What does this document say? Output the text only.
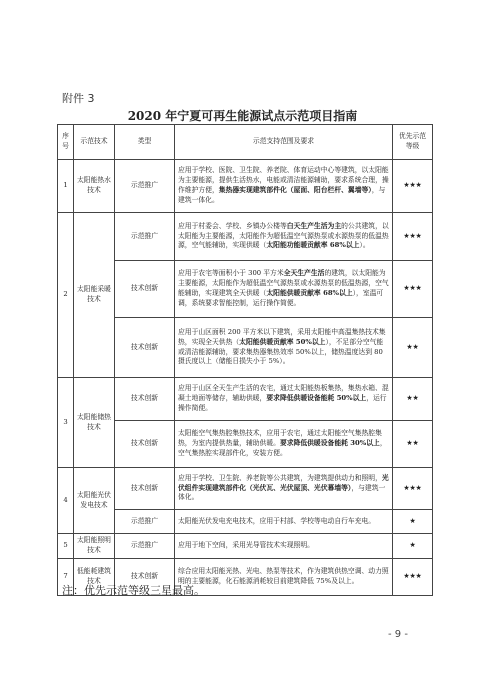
附件 3
2020 年宁夏可再生能源试点示范项目指南
序号	示范技术	类型	示范支持范围及要求	优先示范等级
1	太阳能热水技术	示范推广	应用于学校、医院、卫生院、养老院、体育运动中心等建筑，以太阳能为主要能源，提供生活热水，电能或清洁能源辅助，要求系统合理，操作维护方便，集热器实现建筑部件化（屋面、阳台栏杆、翼墙等），与建筑一体化。	★★★
2	太阳能采暖技术	示范推广	应用于村委会、学校、乡镇办公楼等白天生产生活为主的公共建筑，以太阳能为主要能源，太阳能作为超低温空气源热泵或水源热泵的低温热源，空气能辅助，实现供暖（太阳能功能暖贡献率 68%以上）。	★★★
		技术创新	应用于农宅等面积小于 300 平方米全天生产生活的建筑，以太阳能为主要能源，太阳能作为超低温空气源热泵或水源热泵的低温热源，空气能辅助，实现建筑全天供暖（太阳能供暖贡献率 68%以上），室温可调，系统要求智能控制，运行操作简便。	★★★
		技术创新	应用于山区面积 200 平方米以下建筑，采用太阳能中高温集热技术集热，实现全天供热（太阳能供暖贡献率 50%以上），不足部分空气能或清洁能源辅助，要求集热器集热效率 50%以上，储热温度达到 80 摄氏度以上（储能日损失小于 5%）。	★★
3	太阳能储热技术	技术创新	应用于山区全天生产生活的农宅，通过太阳能热板集热，集热水箱、混凝土地面等储存，辅助供暖，要求降低供暖设备能耗 50%以上，运行操作简便。	★★
		技术创新	太阳能空气集热腔集热技术，应用于农宅，通过太阳能空气集热腔集热，为室内提供热量，辅助供暖。要求降低供暖设备能耗 30%以上，空气集热腔实现部件化，安装方便。	★★
4	太阳能光伏发电技术	技术创新	应用于学校、卫生院、养老院等公共建筑，为建筑提供动力和照明，光伏组件实现建筑部件化（光伏瓦、光伏屋顶、光伏幕墙等），与建筑一体化。	★★★
		示范推广	太阳能光伏发电充电技术，应用于村部、学校等电动自行车充电。	★
5	太阳能照明技术	示范推广	应用于地下空间，采用光导管技术实现照明。	★
7	低能耗建筑技术	技术创新	综合应用太阳能光热、光电、热泵等技术，作为建筑供热空调、动力照明的主要能源，化石能源消耗较目前建筑降低 75%及以上。	★★★
注：优先示范等级三星最高。
- 9 -
